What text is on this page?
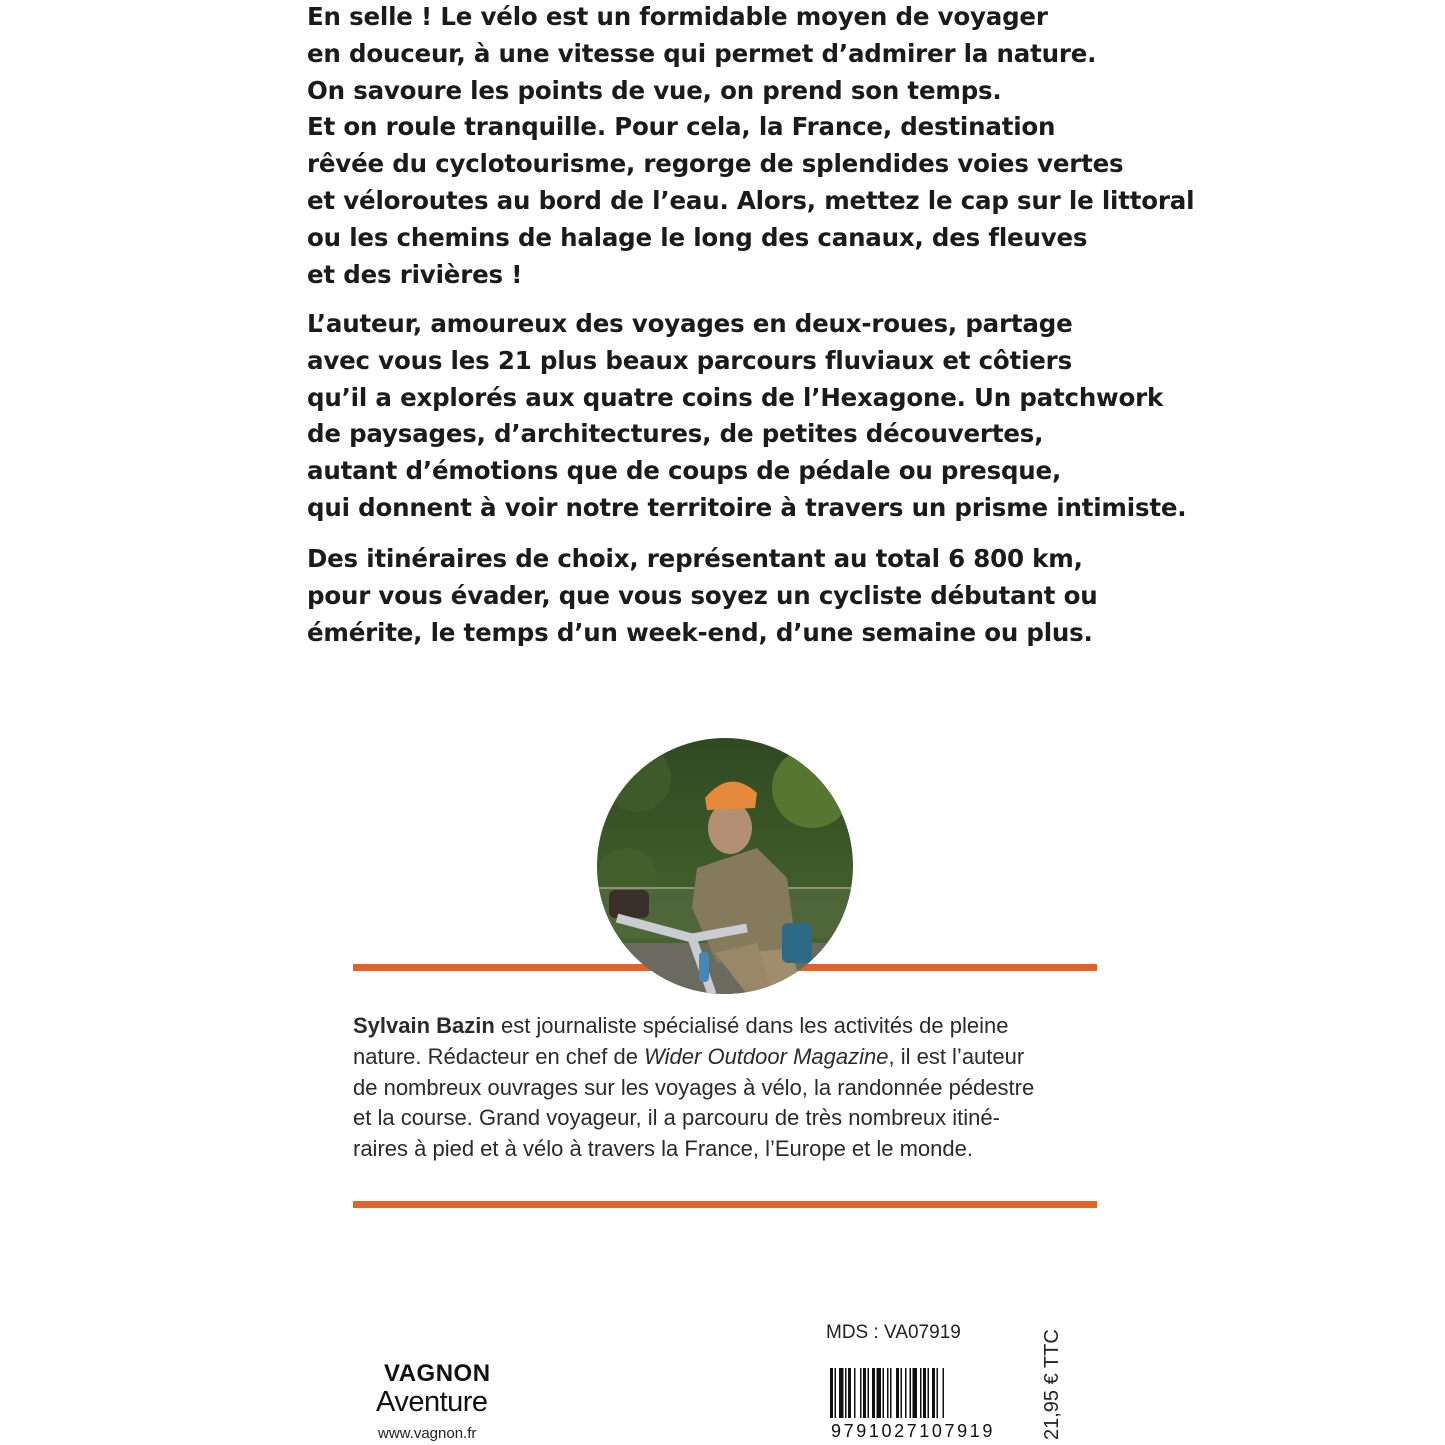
En selle ! Le vélo est un formidable moyen de voyager
en douceur, à une vitesse qui permet d’admirer la nature.
On savoure les points de vue, on prend son temps.
Et on roule tranquille. Pour cela, la France, destination
rêvée du cyclotourisme, regorge de splendides voies vertes
et véloroutes au bord de l’eau. Alors, mettez le cap sur le littoral
ou les chemins de halage le long des canaux, des fleuves
et des rivières !

L’auteur, amoureux des voyages en deux-roues, partage
avec vous les 21 plus beaux parcours fluviaux et côtiers
qu’il a explorés aux quatre coins de l’Hexagone. Un patchwork
de paysages, d’architectures, de petites découvertes,
autant d’émotions que de coups de pédale ou presque,
qui donnent à voir notre territoire à travers un prisme intimiste.

Des itinéraires de choix, représentant au total 6 800 km,
pour vous évader, que vous soyez un cycliste débutant ou
émérite, le temps d’un week-end, d’une semaine ou plus.

Sylvain Bazin est journaliste spécialisé dans les activités de pleine
nature. Rédacteur en chef de Wider Outdoor Magazine, il est l’auteur
de nombreux ouvrages sur les voyages à vélo, la randonnée pédestre
et la course. Grand voyageur, il a parcouru de très nombreux itiné-
raires à pied et à vélo à travers la France, l’Europe et le monde.
VAGNON
Aventure
www.vagnon.fr
MDS : VA07919
9791027107919	21,95 € TTC
